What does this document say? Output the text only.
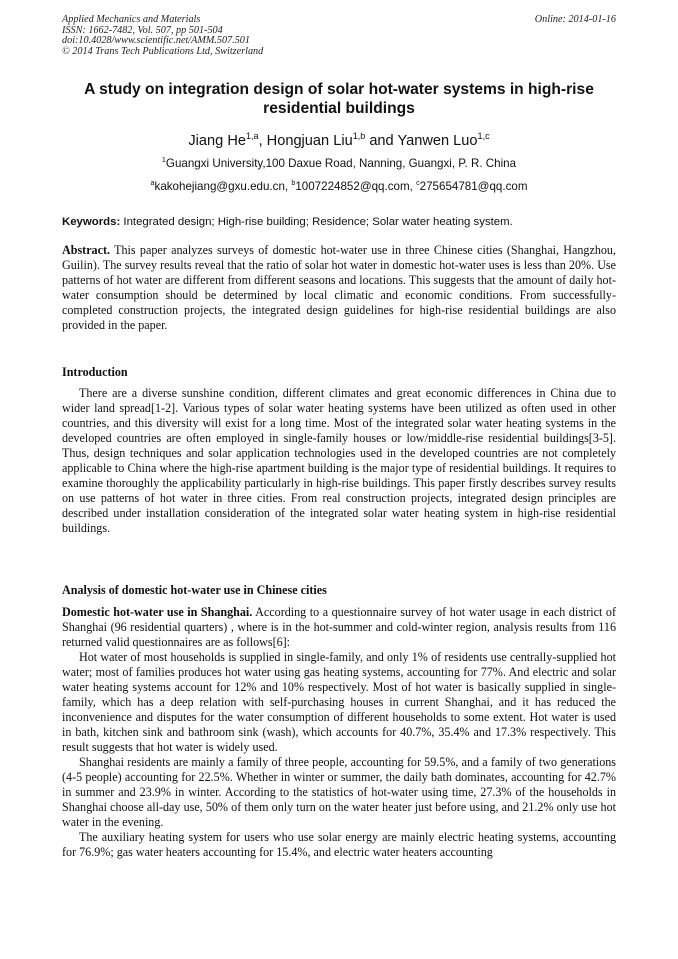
Applied Mechanics and Materials
ISSN: 1662-7482, Vol. 507, pp 501-504
doi:10.4028/www.scientific.net/AMM.507.501
© 2014 Trans Tech Publications Ltd, Switzerland
Online: 2014-01-16
A study on integration design of solar hot-water systems in high-rise
residential buildings
Jiang He$^{1,a}$, Hongjuan Liu$^{1,b}$ and Yanwen Luo$^{1,c}$
$^1$Guangxi University,100 Daxue Road, Nanning, Guangxi, P. R. China
$^a$kakohejiang@gxu.edu.cn, $^b$1007224852@qq.com, $^c$275654781@qq.com
Keywords: Integrated design; High-rise building; Residence; Solar water heating system.

Abstract. This paper analyzes surveys of domestic hot-water use in three Chinese cities (Shanghai, Hangzhou, Guilin). The survey results reveal that the ratio of solar hot water in domestic hot-water uses is less than 20%. Use patterns of hot water are different from different seasons and locations. This suggests that the amount of daily hot-water consumption should be determined by local climatic and economic conditions. From successfully-completed construction projects, the integrated design guidelines for high-rise residential buildings are also provided in the paper.

Introduction

There are a diverse sunshine condition, different climates and great economic differences in China due to wider land spread[1-2]. Various types of solar water heating systems have been utilized as often used in other countries, and this diversity will exist for a long time. Most of the integrated solar water heating systems in the developed countries are often employed in single-family houses or low/middle-rise residential buildings[3-5]. Thus, design techniques and solar application technologies used in the developed countries are not completely applicable to China where the high-rise apartment building is the major type of residential buildings. It requires to examine thoroughly the applicability particularly in high-rise buildings. This paper firstly describes survey results on use patterns of hot water in three cities. From real construction projects, integrated design principles are described under installation consideration of the integrated solar water heating system in high-rise residential buildings.

Analysis of domestic hot-water use in Chinese cities

Domestic hot-water use in Shanghai. According to a questionnaire survey of hot water usage in each district of Shanghai (96 residential quarters) , where is in the hot-summer and cold-winter region, analysis results from 116 returned valid questionnaires are as follows[6]:

Hot water of most households is supplied in single-family, and only 1% of residents use centrally-supplied hot water; most of families produces hot water using gas heating systems, accounting for 77%. And electric and solar water heating systems account for 12% and 10% respectively. Most of hot water is basically supplied in single-family, which has a deep relation with self-purchasing houses in current Shanghai, and it has reduced the inconvenience and disputes for the water consumption of different households to some extent. Hot water is used in bath, kitchen sink and bathroom sink (wash), which accounts for 40.7%, 35.4% and 17.3% respectively. This result suggests that hot water is widely used.

Shanghai residents are mainly a family of three people, accounting for 59.5%, and a family of two generations (4-5 people) accounting for 22.5%. Whether in winter or summer, the daily bath dominates, accounting for 42.7% in summer and 23.9% in winter. According to the statistics of hot-water using time, 27.3% of the households in Shanghai choose all-day use, 50% of them only turn on the water heater just before using, and 21.2% only use hot water in the evening.

The auxiliary heating system for users who use solar energy are mainly electric heating systems, accounting for 76.9%; gas water heaters accounting for 15.4%, and electric water heaters accounting
